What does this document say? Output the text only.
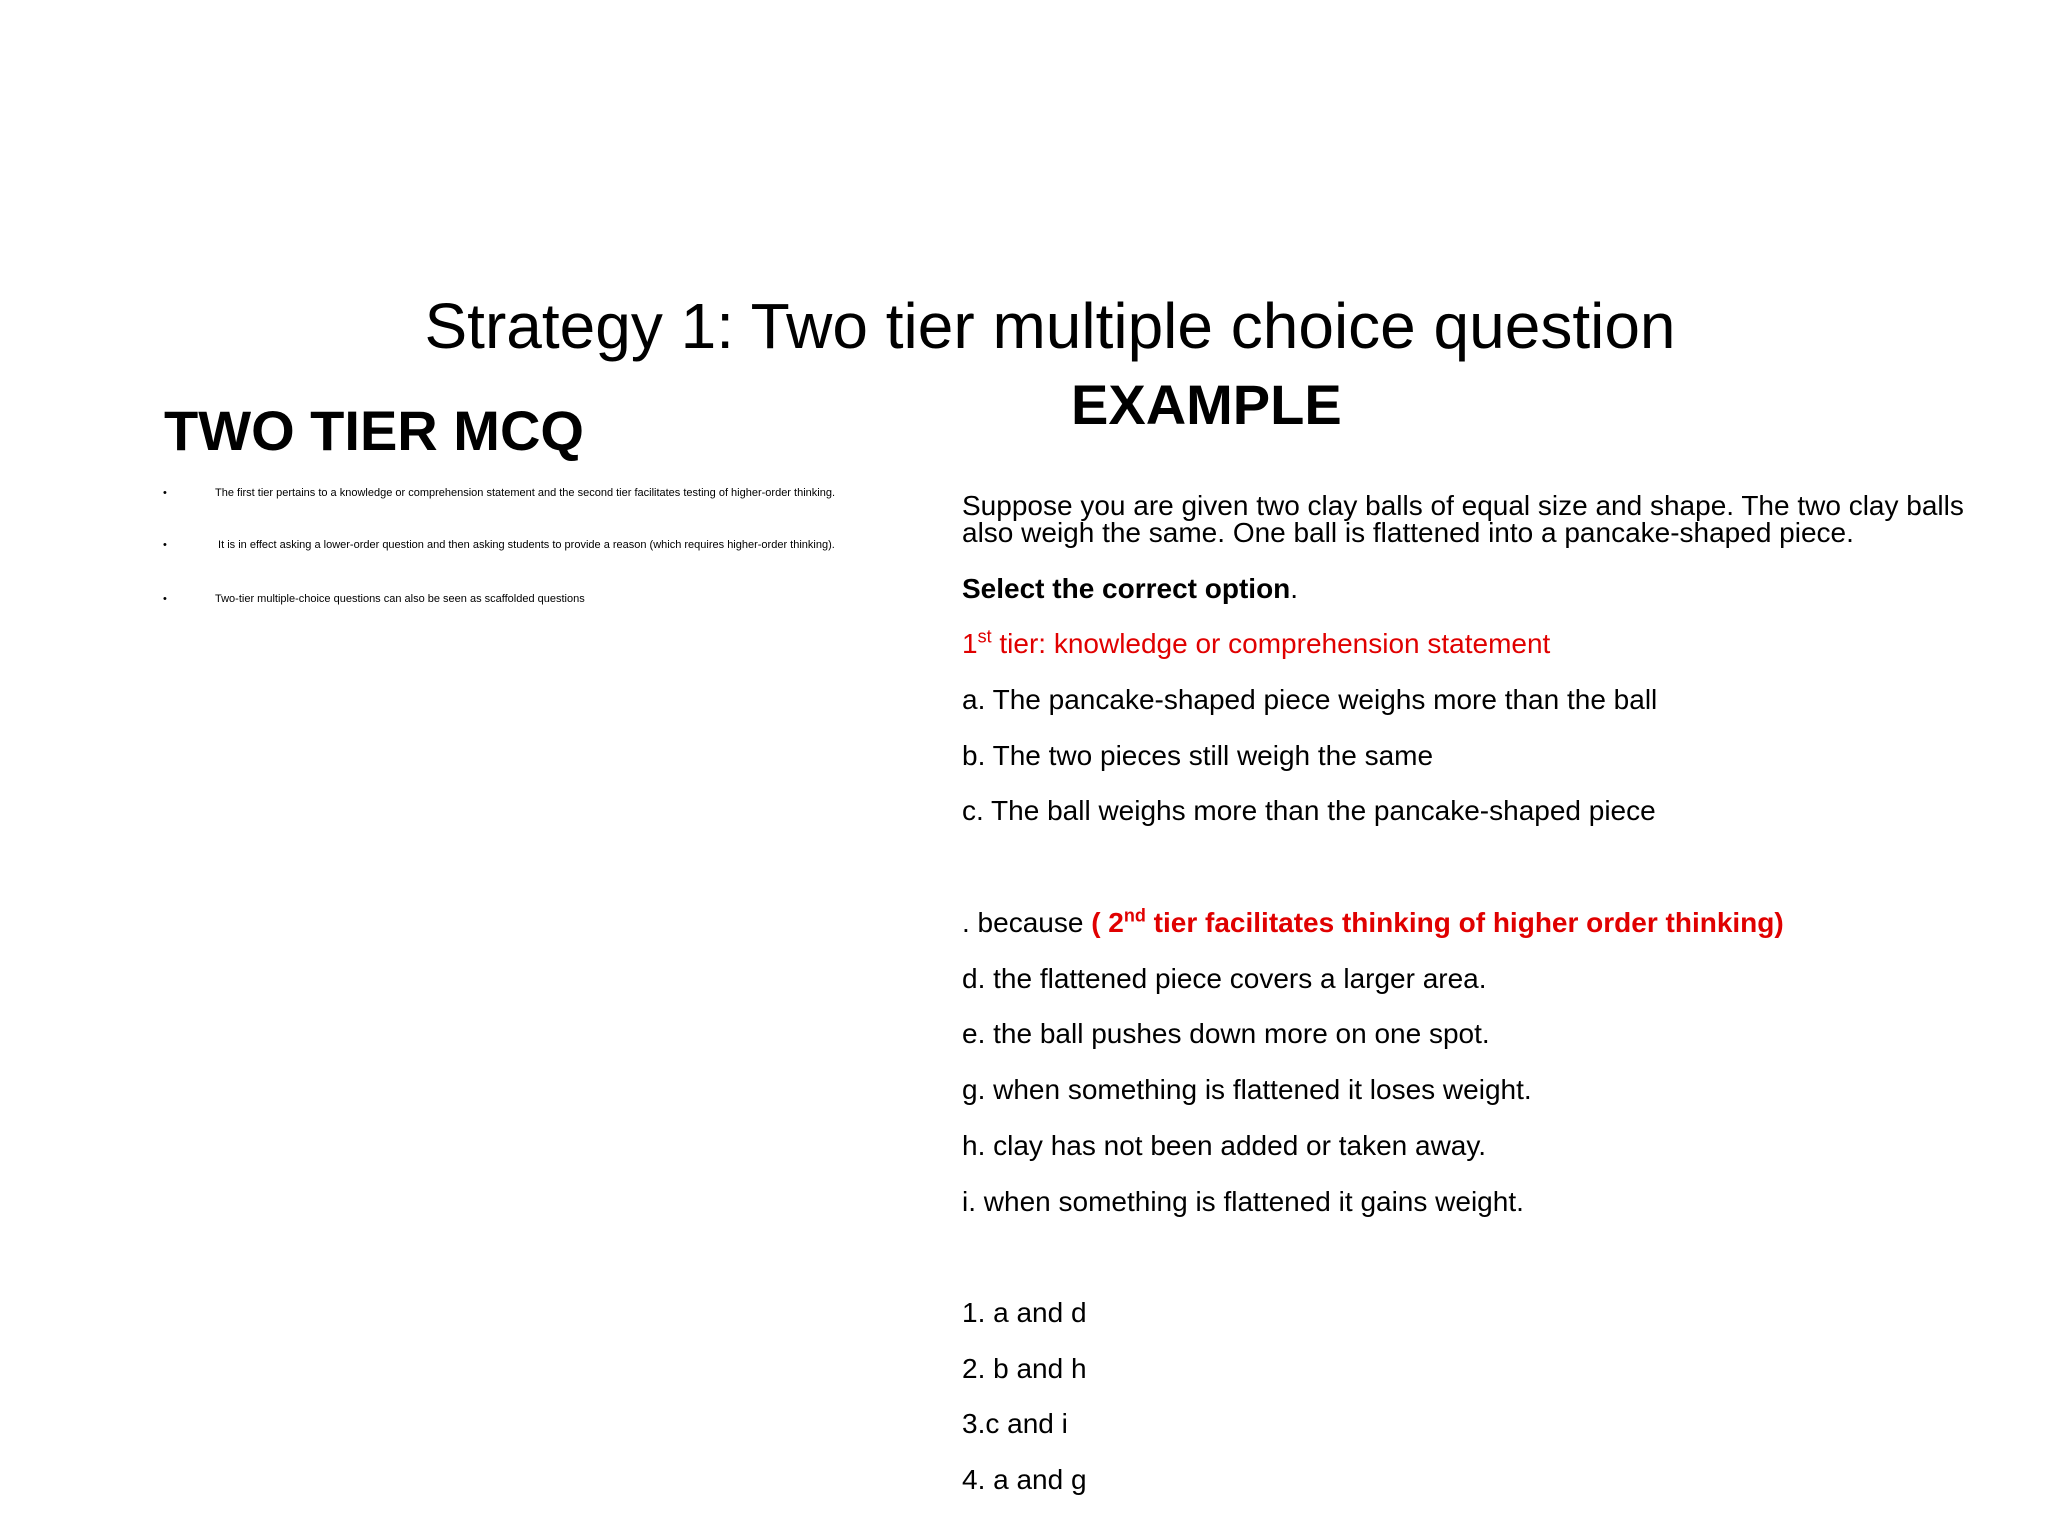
Strategy 1: Two tier multiple choice question
TWO TIER MCQ
•	The first tier pertains to a knowledge or comprehension statement and the second tier facilitates testing of higher-order thinking.
•	It is in effect asking a lower-order question and then asking students to provide a reason (which requires higher-order thinking).
•	Two-tier multiple-choice questions can also be seen as scaffolded questions
EXAMPLE
Suppose you are given two clay balls of equal size and shape. The two clay balls also weigh the same. One ball is flattened into a pancake-shaped piece.
Select the correct option.
1st tier: knowledge or comprehension statement
a. The pancake-shaped piece weighs more than the ball
b. The two pieces still weigh the same
c. The ball weighs more than the pancake-shaped piece
. because ( 2nd tier facilitates thinking of higher order thinking)
d. the flattened piece covers a larger area.
e. the ball pushes down more on one spot.
g. when something is flattened it loses weight.
h. clay has not been added or taken away.
i. when something is flattened it gains weight.
1. a and d
2. b and h
3.c and i
4. a and g
